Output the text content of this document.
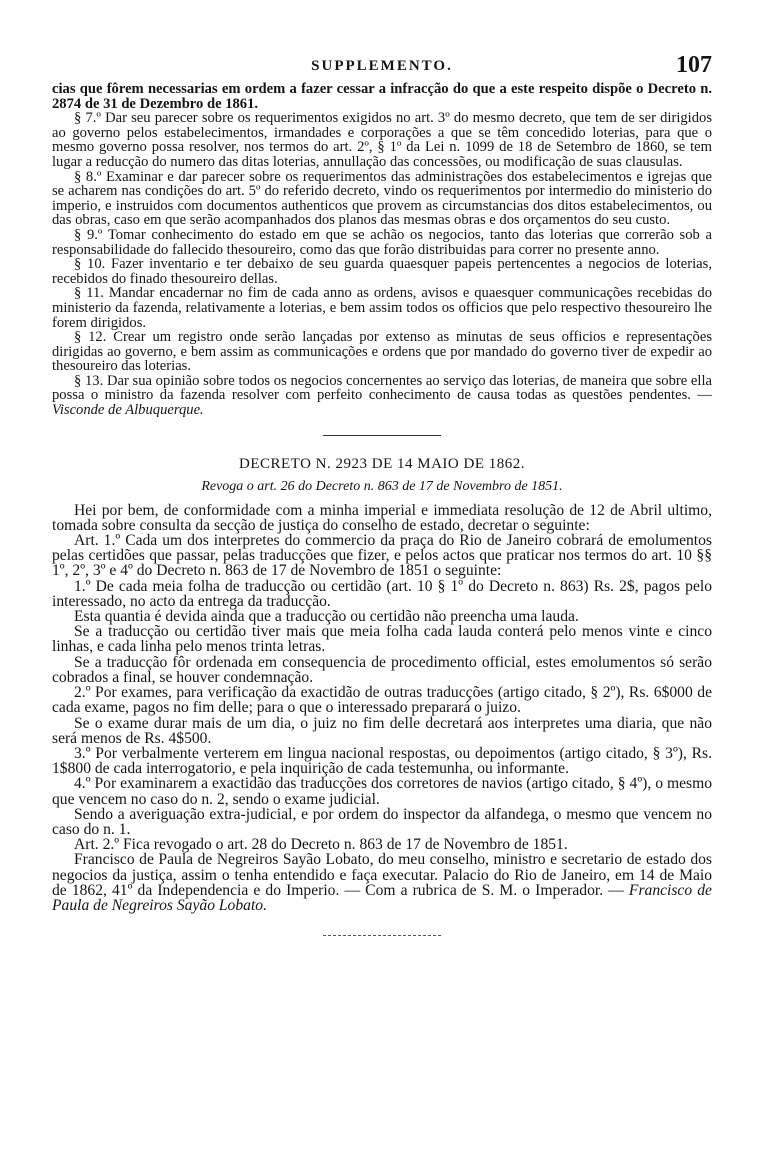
SUPPLEMENTO.	107

cias que fôrem necessarias em ordem a fazer cessar a infracção do que a este respeito dispõe o Decreto n. 2874 de 31 de Dezembro de 1861.

§ 7.º Dar seu parecer sobre os requerimentos exigidos no art. 3º do mesmo decreto, que tem de ser dirigidos ao governo pelos estabelecimentos, irmandades e corporações a que se têm concedido loterias, para que o mesmo governo possa resolver, nos termos do art. 2º, § 1º da Lei n. 1099 de 18 de Setembro de 1860, se tem lugar a reducção do numero das ditas loterias, annullação das concessões, ou modificação de suas clausulas.

§ 8.º Examinar e dar parecer sobre os requerimentos das administrações dos estabelecimentos e igrejas que se acharem nas condições do art. 5º do referido decreto, vindo os requerimentos por intermedio do ministerio do imperio, e instruidos com documentos authenticos que provem as circumstancias dos ditos estabelecimentos, ou das obras, caso em que serão acompanhados dos planos das mesmas obras e dos orçamentos do seu custo.

§ 9.º Tomar conhecimento do estado em que se achão os negocios, tanto das loterias que correrão sob a responsabilidade do fallecido thesoureiro, como das que forão distribuidas para correr no presente anno.

§ 10. Fazer inventario e ter debaixo de seu guarda quaesquer papeis pertencentes a negocios de loterias, recebidos do finado thesoureiro dellas.

§ 11. Mandar encadernar no fim de cada anno as ordens, avisos e quaesquer communicações recebidas do ministerio da fazenda, relativamente a loterias, e bem assim todos os officios que pelo respectivo thesoureiro lhe forem dirigidos.

§ 12. Crear um registro onde serão lançadas por extenso as minutas de seus officios e representações dirigidas ao governo, e bem assim as communicações e ordens que por mandado do governo tiver de expedir ao thesoureiro das loterias.

§ 13. Dar sua opinião sobre todos os negocios concernentes ao serviço das loterias, de maneira que sobre ella possa o ministro da fazenda resolver com perfeito conhecimento de causa todas as questões pendentes. — Visconde de Albuquerque.

DECRETO N. 2923 DE 14 MAIO DE 1862.

Revoga o art. 26 do Decreto n. 863 de 17 de Novembro de 1851.

Hei por bem, de conformidade com a minha imperial e immediata resolução de 12 de Abril ultimo, tomada sobre consulta da secção de justiça do conselho de estado, decretar o seguinte:

Art. 1.º Cada um dos interpretes do commercio da praça do Rio de Janeiro cobrará de emolumentos pelas certidões que passar, pelas traducções que fizer, e pelos actos que praticar nos termos do art. 10 §§ 1º, 2º, 3º e 4º do Decreto n. 863 de 17 de Novembro de 1851 o seguinte:

1.º De cada meia folha de traducção ou certidão (art. 10 § 1º do Decreto n. 863) Rs. 2$, pagos pelo interessado, no acto da entrega da traducção.

Esta quantia é devida ainda que a traducção ou certidão não preencha uma lauda.

Se a traducção ou certidão tiver mais que meia folha cada lauda conterá pelo menos vinte e cinco linhas, e cada linha pelo menos trinta letras.

Se a traducção fôr ordenada em consequencia de procedimento official, estes emolumentos só serão cobrados a final, se houver condemnação.

2.º Por exames, para verificação da exactidão de outras traducções (artigo citado, § 2º), Rs. 6$000 de cada exame, pagos no fim delle; para o que o interessado preparará o juizo.

Se o exame durar mais de um dia, o juiz no fim delle decretará aos interpretes uma diaria, que não será menos de Rs. 4$500.

3.º Por verbalmente verterem em lingua nacional respostas, ou depoimentos (artigo citado, § 3º), Rs. 1$800 de cada interrogatorio, e pela inquirição de cada testemunha, ou informante.

4.º Por examinarem a exactidão das traducções dos corretores de navios (artigo citado, § 4º), o mesmo que vencem no caso do n. 2, sendo o exame judicial.

Sendo a averiguação extra-judicial, e por ordem do inspector da alfandega, o mesmo que vencem no caso do n. 1.

Art. 2.º Fica revogado o art. 28 do Decreto n. 863 de 17 de Novembro de 1851.

Francisco de Paula de Negreiros Sayão Lobato, do meu conselho, ministro e secretario de estado dos negocios da justiça, assim o tenha entendido e faça executar. Palacio do Rio de Janeiro, em 14 de Maio de 1862, 41º da Independencia e do Imperio. — Com a rubrica de S. M. o Imperador. — Francisco de Paula de Negreiros Sayão Lobato.
